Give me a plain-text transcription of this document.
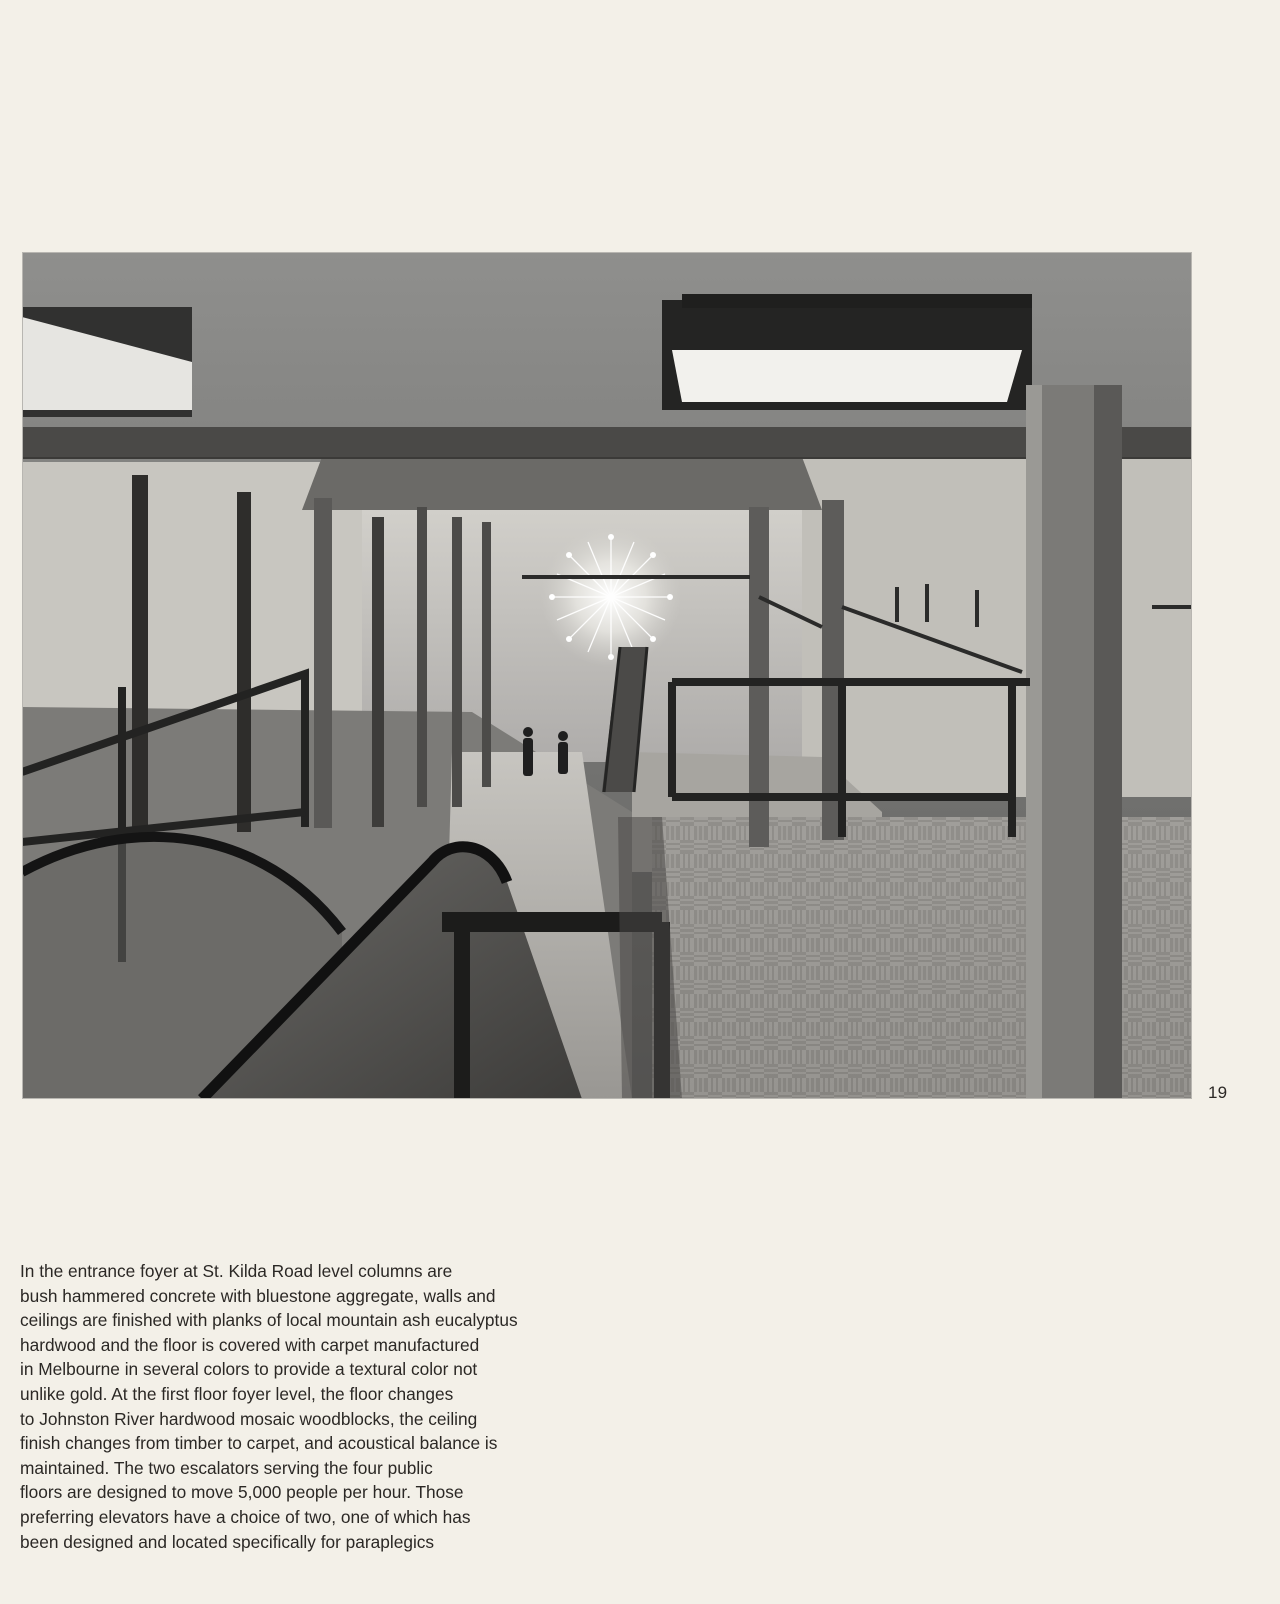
19

In the entrance foyer at St. Kilda Road level columns are
bush hammered concrete with bluestone aggregate, walls and
ceilings are finished with planks of local mountain ash eucalyptus
hardwood and the floor is covered with carpet manufactured
in Melbourne in several colors to provide a textural color not
unlike gold. At the first floor foyer level, the floor changes
to Johnston River hardwood mosaic woodblocks, the ceiling
finish changes from timber to carpet, and acoustical balance is
maintained. The two escalators serving the four public
floors are designed to move 5,000 people per hour. Those
preferring elevators have a choice of two, one of which has
been designed and located specifically for paraplegics
